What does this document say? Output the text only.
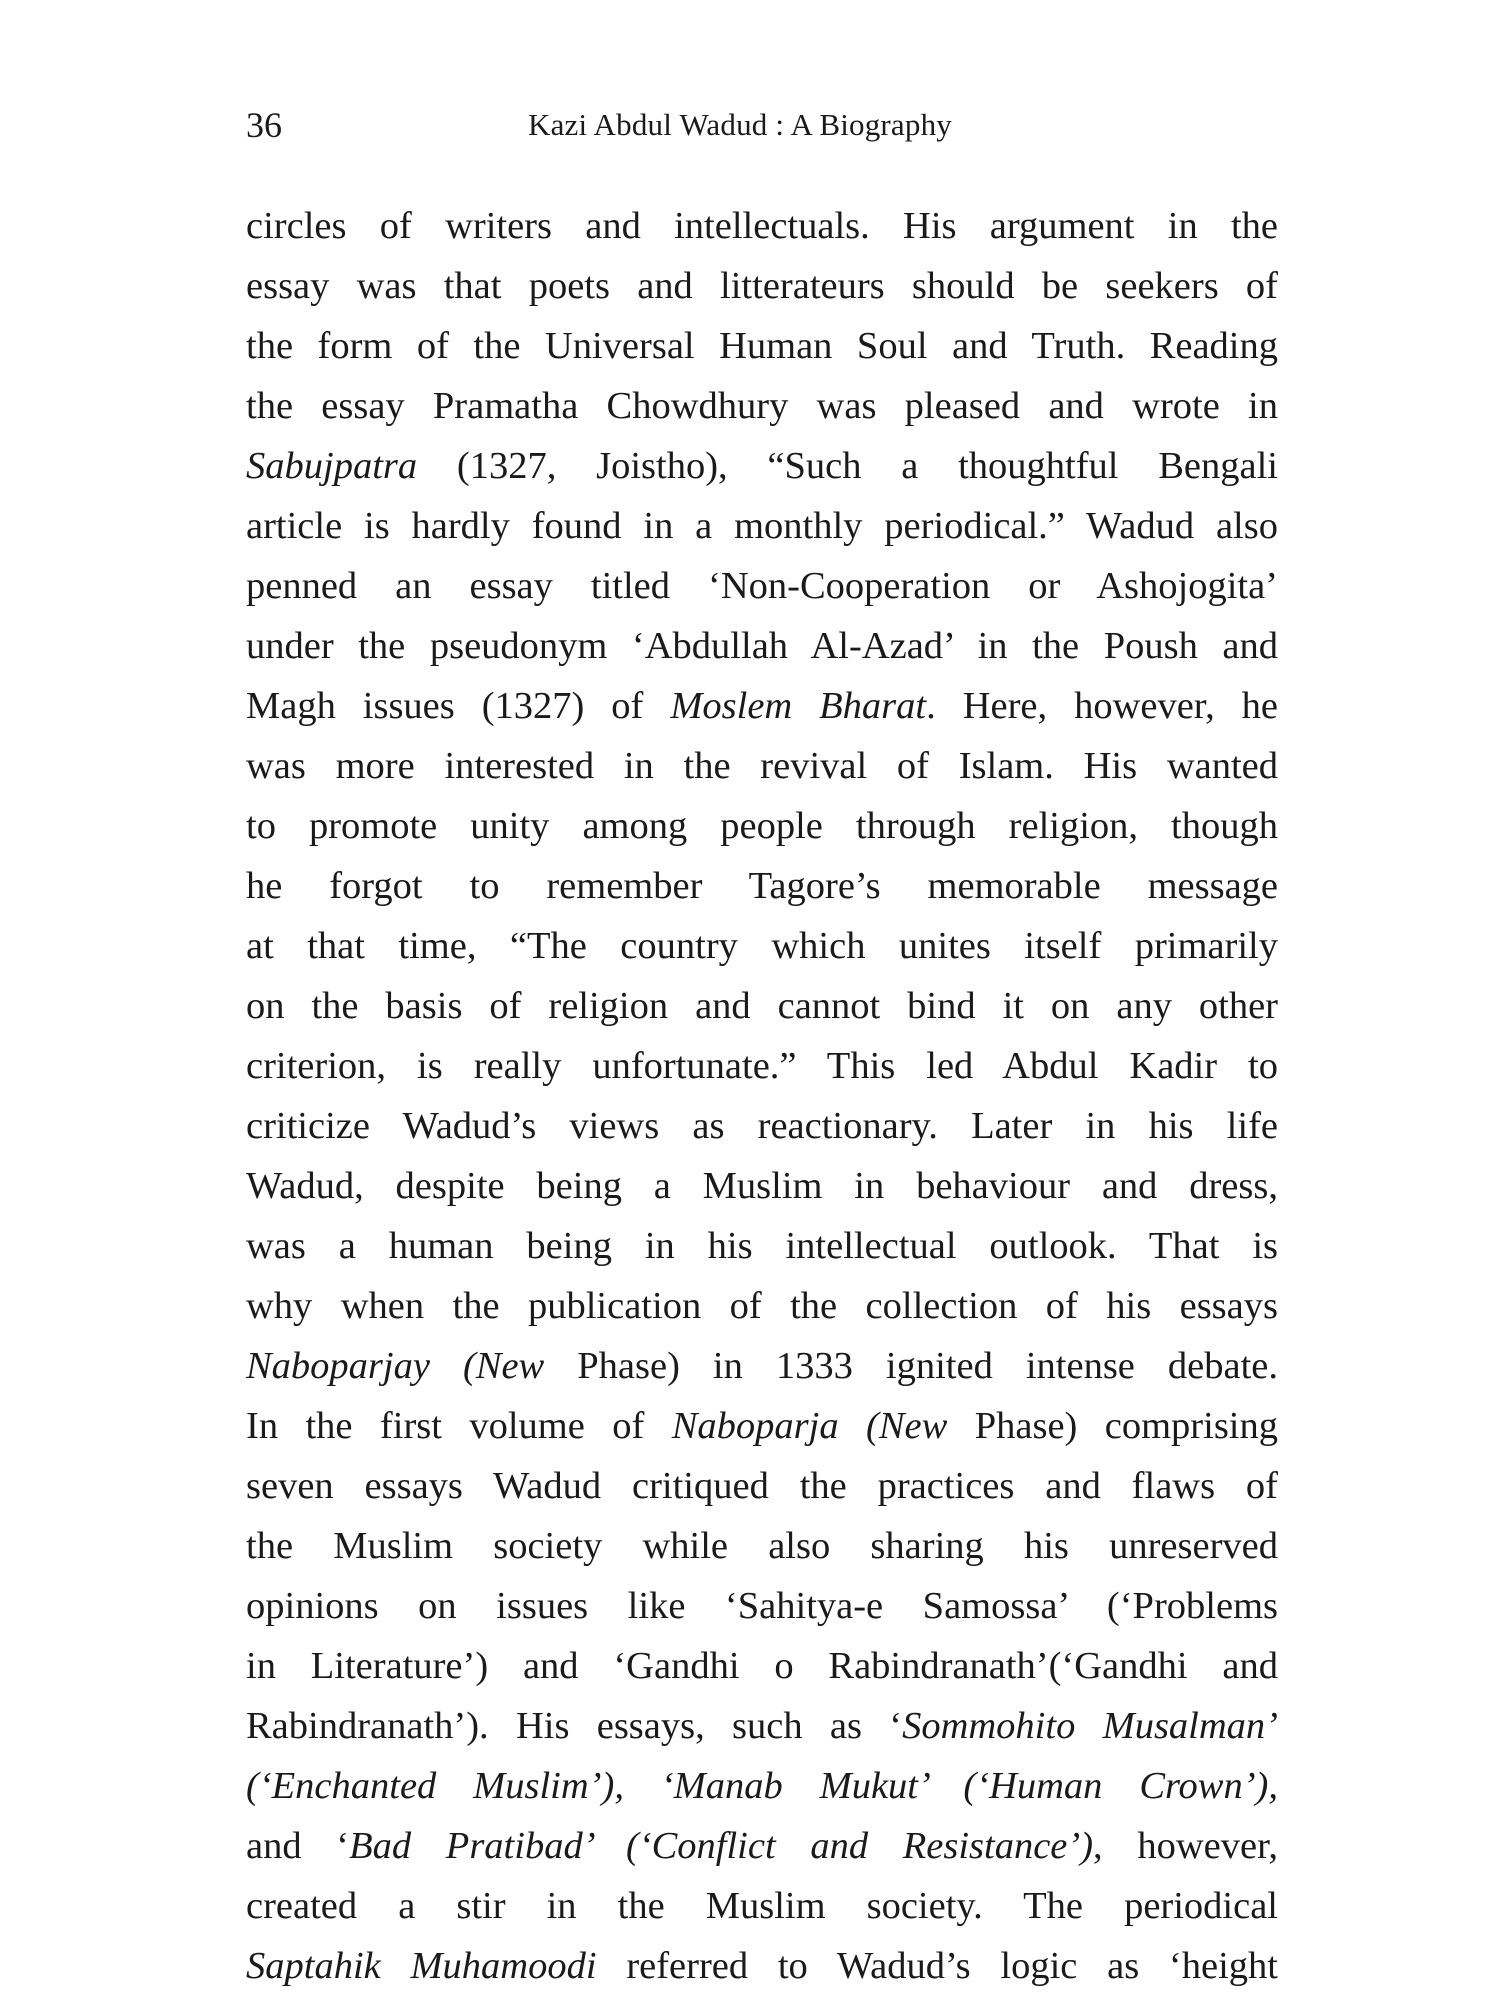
36	Kazi Abdul Wadud : A Biography
circles of writers and intellectuals. His argument in the
essay was that poets and litterateurs should be seekers of
the form of the Universal Human Soul and Truth. Reading
the essay Pramatha Chowdhury was pleased and wrote in
Sabujpatra (1327, Joistho), “Such a thoughtful Bengali
article is hardly found in a monthly periodical.” Wadud also
penned an essay titled ‘Non-Cooperation or Ashojogita’
under the pseudonym ‘Abdullah Al-Azad’ in the Poush and
Magh issues (1327) of Moslem Bharat. Here, however, he
was more interested in the revival of Islam. His wanted
to promote unity among people through religion, though
he forgot to remember Tagore’s memorable message
at that time, “The country which unites itself primarily
on the basis of religion and cannot bind it on any other
criterion, is really unfortunate.” This led Abdul Kadir to
criticize Wadud’s views as reactionary. Later in his life
Wadud, despite being a Muslim in behaviour and dress,
was a human being in his intellectual outlook. That is
why when the publication of the collection of his essays
Naboparjay (New Phase) in 1333 ignited intense debate.
In the first volume of Naboparja (New Phase) comprising
seven essays Wadud critiqued the practices and flaws of
the Muslim society while also sharing his unreserved
opinions on issues like ‘Sahitya-e Samossa’ (‘Problems
in Literature’) and ‘Gandhi o Rabindranath’(‘Gandhi and
Rabindranath’). His essays, such as ‘Sommohito Musalman’
(‘Enchanted Muslim’), ‘Manab Mukut’ (‘Human Crown’),
and ‘Bad Pratibad’ (‘Conflict and Resistance’), however,
created a stir in the Muslim society. The periodical
Saptahik Muhamoodi referred to Wadud’s logic as ‘height
